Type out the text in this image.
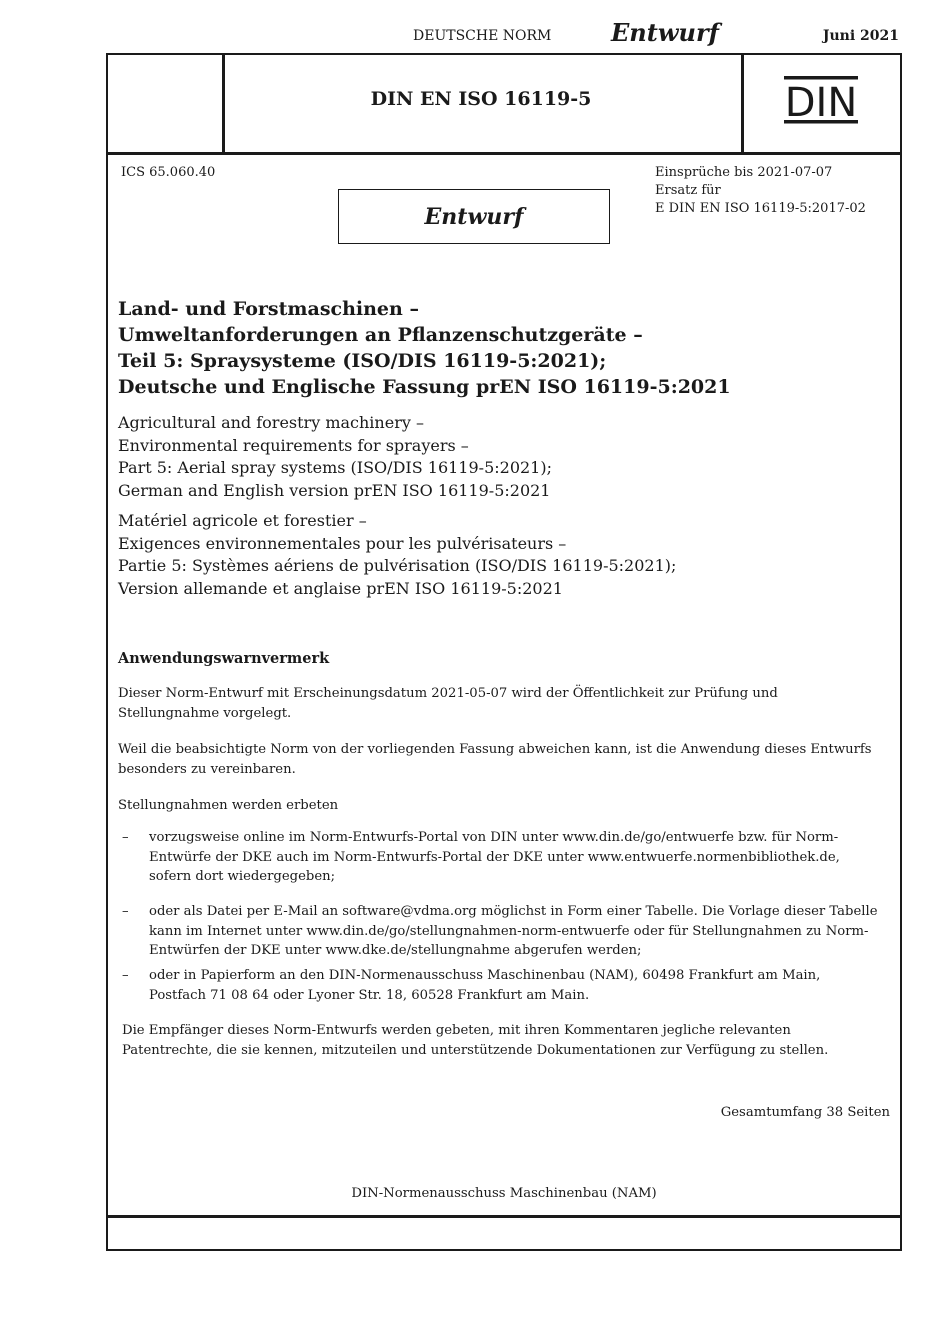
DEUTSCHE NORM Entwurf	Juni 2021
DIN EN ISO 16119-5	DIN
ICS 65.060.40	Einsprüche bis 2021-07-07
Ersatz für
E DIN EN ISO 16119-5:2017-02
Entwurf
Land- und Forstmaschinen –
Umweltanforderungen an Pflanzenschutzgeräte –
Teil 5: Spraysysteme (ISO/DIS 16119-5:2021);
Deutsche und Englische Fassung prEN ISO 16119-5:2021
Agricultural and forestry machinery –
Environmental requirements for sprayers –
Part 5: Aerial spray systems (ISO/DIS 16119-5:2021);
German and English version prEN ISO 16119-5:2021
Matériel agricole et forestier –
Exigences environnementales pour les pulvérisateurs –
Partie 5: Systèmes aériens de pulvérisation (ISO/DIS 16119-5:2021);
Version allemande et anglaise prEN ISO 16119-5:2021
Anwendungswarnvermerk
Dieser Norm-Entwurf mit Erscheinungsdatum 2021-05-07 wird der Öffentlichkeit zur Prüfung und
Stellungnahme vorgelegt.
Weil die beabsichtigte Norm von der vorliegenden Fassung abweichen kann, ist die Anwendung dieses Entwurfs
besonders zu vereinbaren.
Stellungnahmen werden erbeten
– vorzugsweise online im Norm-Entwurfs-Portal von DIN unter www.din.de/go/entwuerfe bzw. für Norm-
Entwürfe der DKE auch im Norm-Entwurfs-Portal der DKE unter www.entwuerfe.normenbibliothek.de,
sofern dort wiedergegeben;
– oder als Datei per E-Mail an software@vdma.org möglichst in Form einer Tabelle. Die Vorlage dieser Tabelle
kann im Internet unter www.din.de/go/stellungnahmen-norm-entwuerfe oder für Stellungnahmen zu Norm-
Entwürfen der DKE unter www.dke.de/stellungnahme abgerufen werden;
– oder in Papierform an den DIN-Normenausschuss Maschinenbau (NAM), 60498 Frankfurt am Main,
Postfach 71 08 64 oder Lyoner Str. 18, 60528 Frankfurt am Main.
Die Empfänger dieses Norm-Entwurfs werden gebeten, mit ihren Kommentaren jegliche relevanten
Patentrechte, die sie kennen, mitzuteilen und unterstützende Dokumentationen zur Verfügung zu stellen.
Gesamtumfang 38 Seiten
DIN-Normenausschuss Maschinenbau (NAM)
